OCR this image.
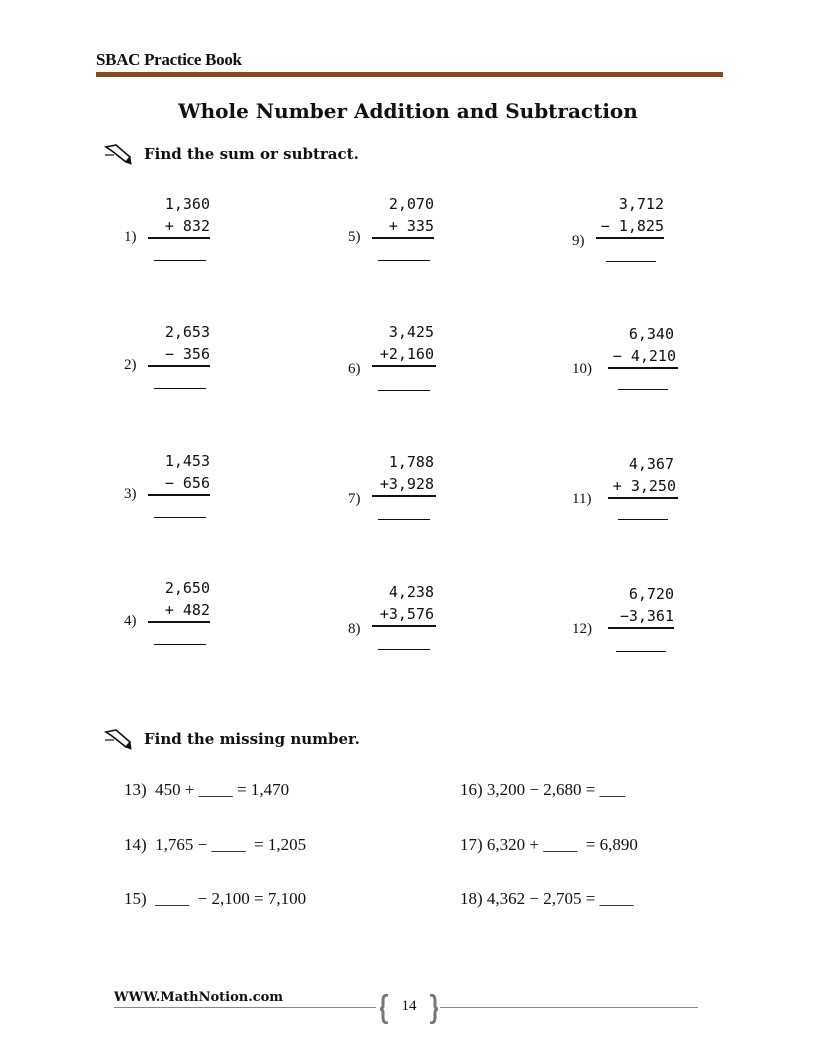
SBAC Practice Book
Whole Number Addition and Subtraction
Find the sum or subtract.
1)
1,360
+ 832
2)
2,653
− 356
3)
1,453
− 656
4)
2,650
+ 482
5)
2,070
+ 335
6)
3,425
+2,160
7)
1,788
+3,928
8)
4,238
+3,576
9)
3,712
− 1,825
10)
6,340
− 4,210
11)
4,367
+ 3,250
12)
6,720
−3,361
Find the missing number.
13)  450 + ____ = 1,470
14)  1,765 − ____  = 1,205
15)  ____  − 2,100 = 7,100
16) 3,200 − 2,680 = ___
17) 6,320 + ____  = 6,890
18) 4,362 − 2,705 = ____
WWW.MathNotion.com
14
